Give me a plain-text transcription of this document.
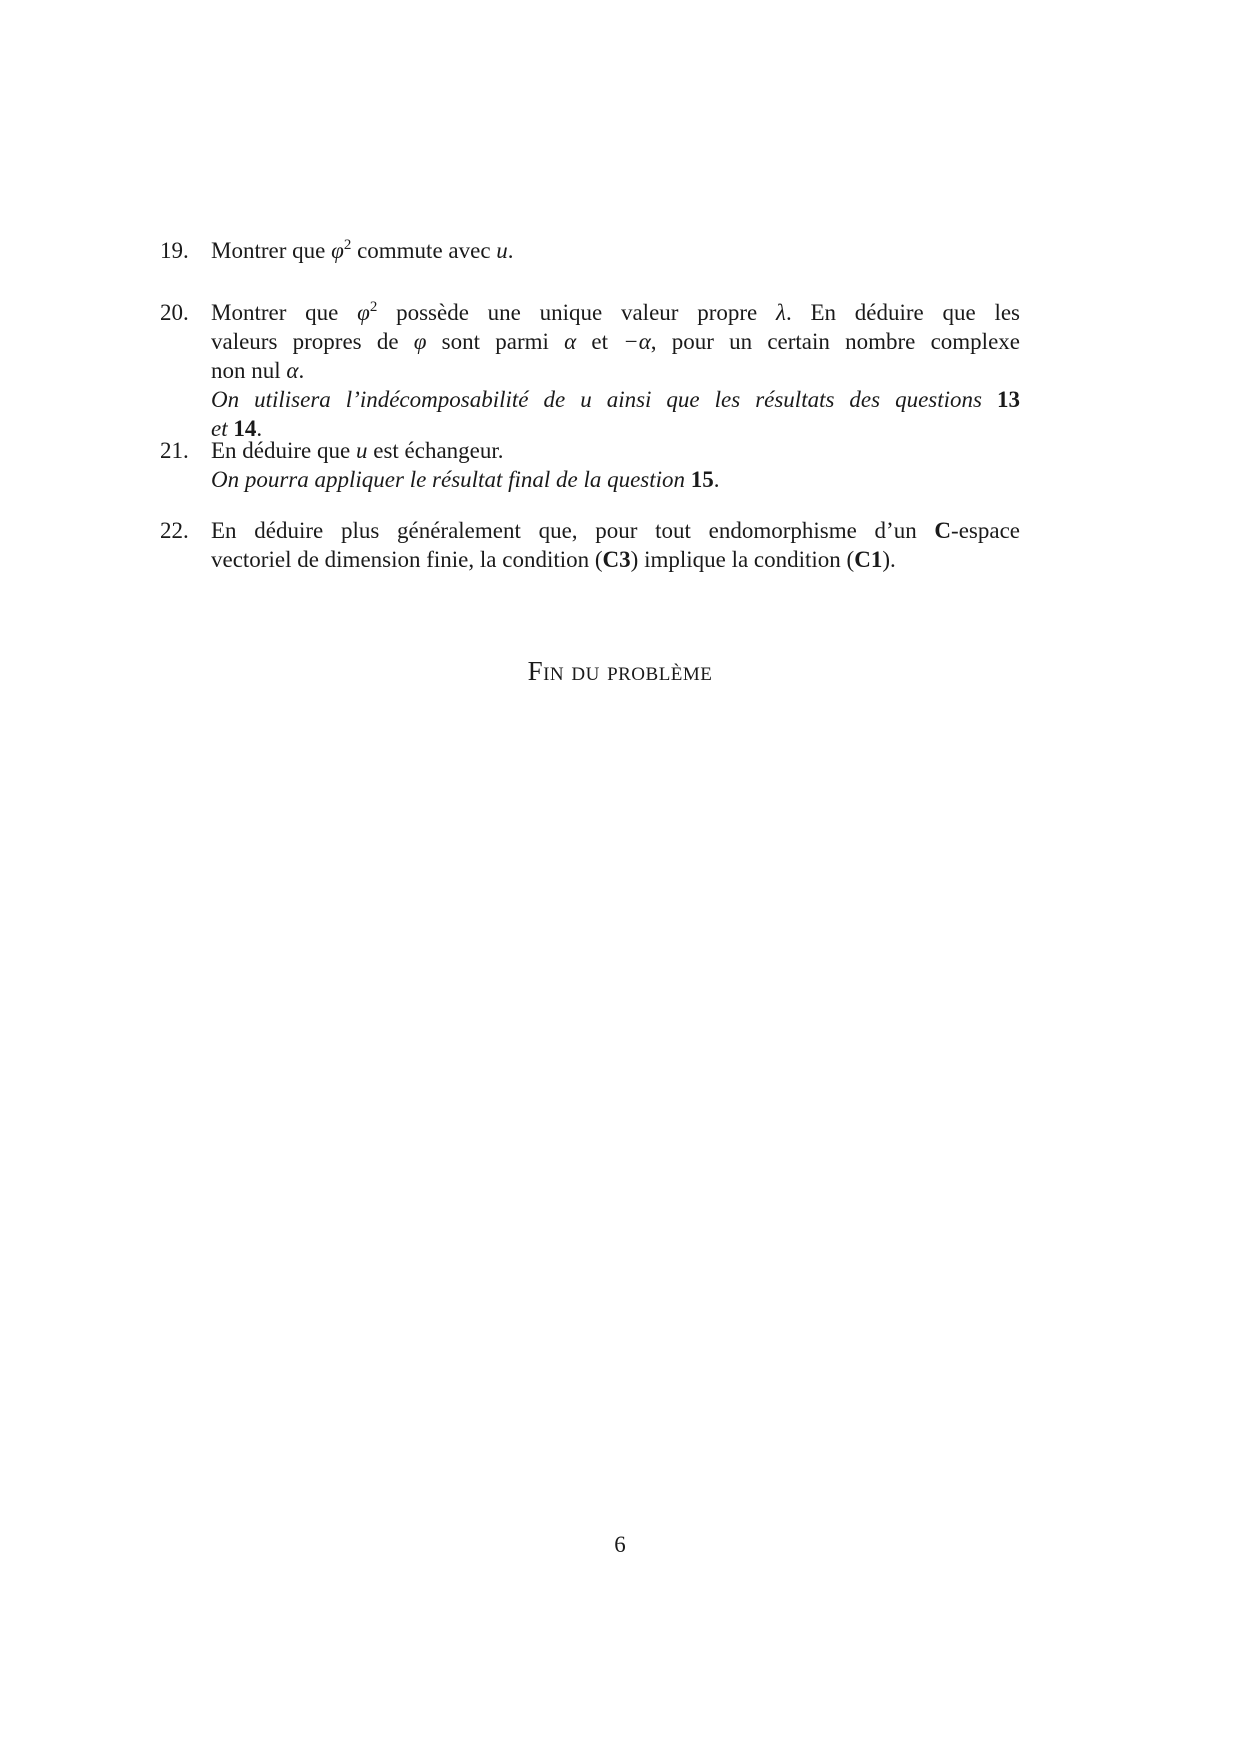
19. Montrer que $\varphi^2$ commute avec u.
20. Montrer que $\varphi^2$ possède une unique valeur propre λ. En déduire que les
valeurs propres de φ sont parmi α et −α, pour un certain nombre complexe
non nul α.
On utilisera l’indécomposabilité de u ainsi que les résultats des questions 13
et 14.
21. En déduire que u est échangeur.
On pourra appliquer le résultat final de la question 15.
22. En déduire plus généralement que, pour tout endomorphisme d’un C-espace
vectoriel de dimension finie, la condition (C3) implique la condition (C1).
Fin du problème
6
